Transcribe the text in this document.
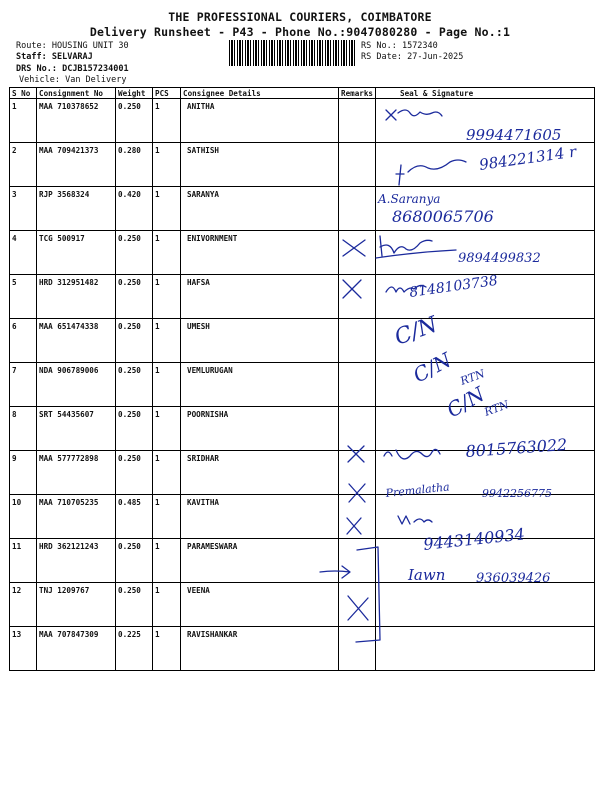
THE PROFESSIONAL COURIERS, COIMBATORE
Delivery Runsheet - P43 - Phone No.:9047080280 - Page No.:1
Route: HOUSING UNIT 30
Staff: SELVARAJ
DRS No.: DCJB157234001
Vehicle: Van Delivery
RS No.: 1572340
RS Date: 27-Jun-2025
S No	Consignment No	Weight	PCS	Consignee Details	Remarks	Seal & Signature
1	MAA 710378652	0.250	1	ANITHA		
2	MAA 709421373	0.280	1	SATHISH		
3	RJP 3568324	0.420	1	SARANYA		
4	TCG 500917	0.250	1	ENIVORNMENT		
5	HRD 312951482	0.250	1	HAFSA		
6	MAA 651474338	0.250	1	UMESH		
7	NDA 906789006	0.250	1	VEMLURUGAN		
8	SRT 54435607	0.250	1	POORNISHA		
9	MAA 577772898	0.250	1	SRIDHAR		
10	MAA 710705235	0.485	1	KAVITHA		
11	HRD 362121243	0.250	1	PARAMESWARA		
12	TNJ 1209767	0.250	1	VEENA		
13	MAA 707847309	0.225	1	RAVISHANKAR		
9994471605
984221314 r
A.Saranya
8680065706
9894499832
8148103738
C/N
C/N RTN
C/N
RTN
8015763022
Premalatha	9942256775
9443140934
Iawn 936039426
